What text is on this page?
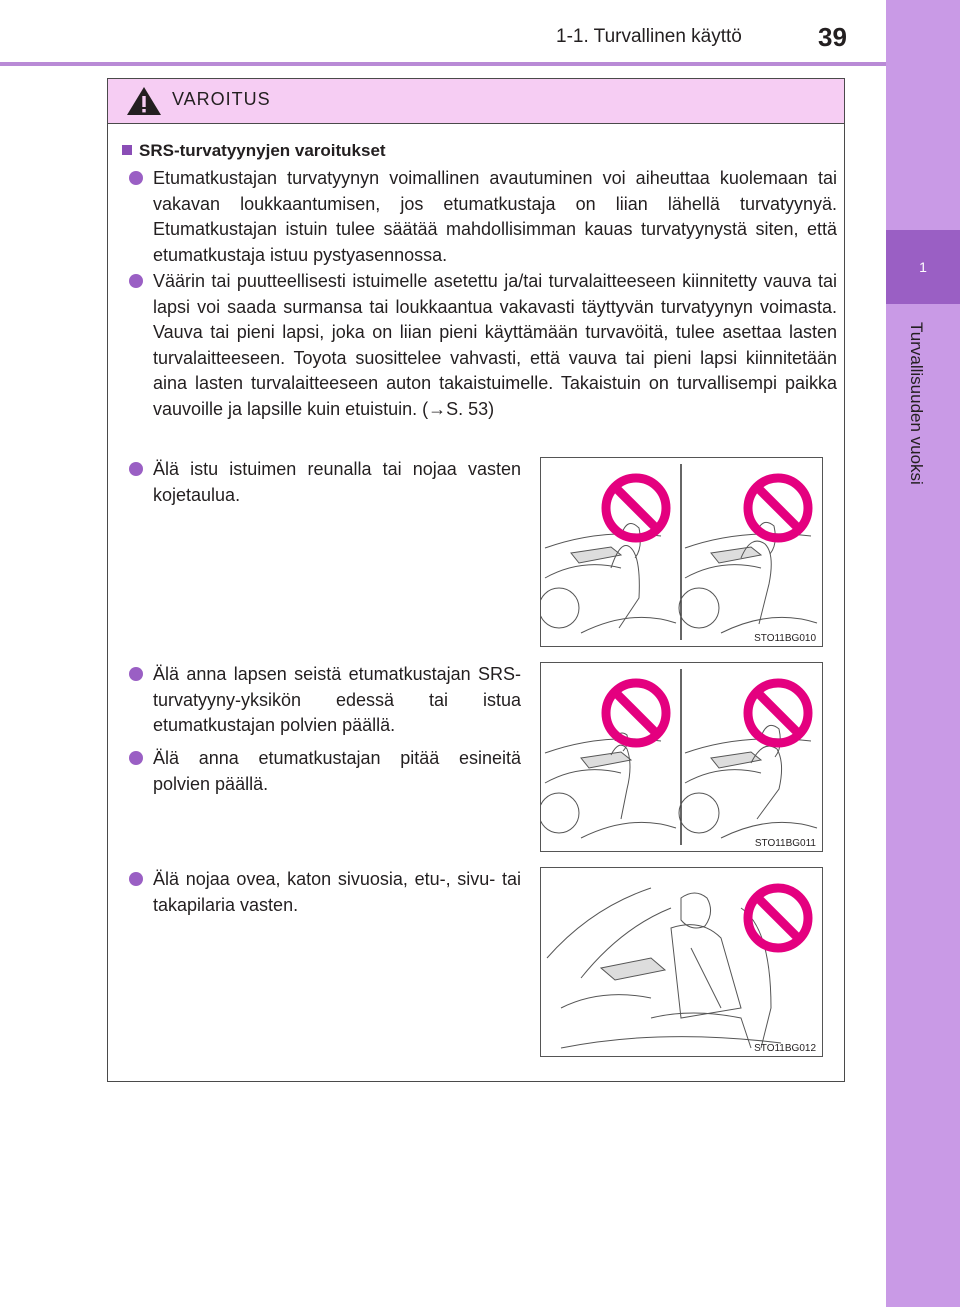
1-1. Turvallinen käyttö	39
1
Turvallisuuden vuoksi
VAROITUS
SRS-turvatyynyjen varoitukset
Etumatkustajan turvatyynyn voimallinen avautuminen voi aiheuttaa kuolemaan tai vakavan loukkaantumisen, jos etumatkustaja on liian lähellä turvatyynyä. Etumatkustajan istuin tulee säätää mahdollisimman kauas turvatyynystä siten, että etumatkustaja istuu pystyasennossa.
Väärin tai puutteellisesti istuimelle asetettu ja/tai turvalaitteeseen kiinnitetty vauva tai lapsi voi saada surmansa tai loukkaantua vakavasti täyttyvän turvatyynyn voimasta. Vauva tai pieni lapsi, joka on liian pieni käyttämään turvavöitä, tulee asettaa lasten turvalaitteeseen. Toyota suosittelee vahvasti, että vauva tai pieni lapsi kiinnitetään aina lasten turvalaitteeseen auton takaistuimelle. Takaistuin on turvallisempi paikka vauvoille ja lapsille kuin etuistuin. (→S. 53)
Älä istu istuimen reunalla tai nojaa vasten kojetaulua.
Älä anna lapsen seistä etumatkustajan SRS-turvatyyny-yksikön edessä tai istua etumatkustajan polvien päällä.
Älä anna etumatkustajan pitää esineitä polvien päällä.
Älä nojaa ovea, katon sivuosia, etu-, sivu- tai takapilaria vasten.
STO11BG010
STO11BG011
STO11BG012
